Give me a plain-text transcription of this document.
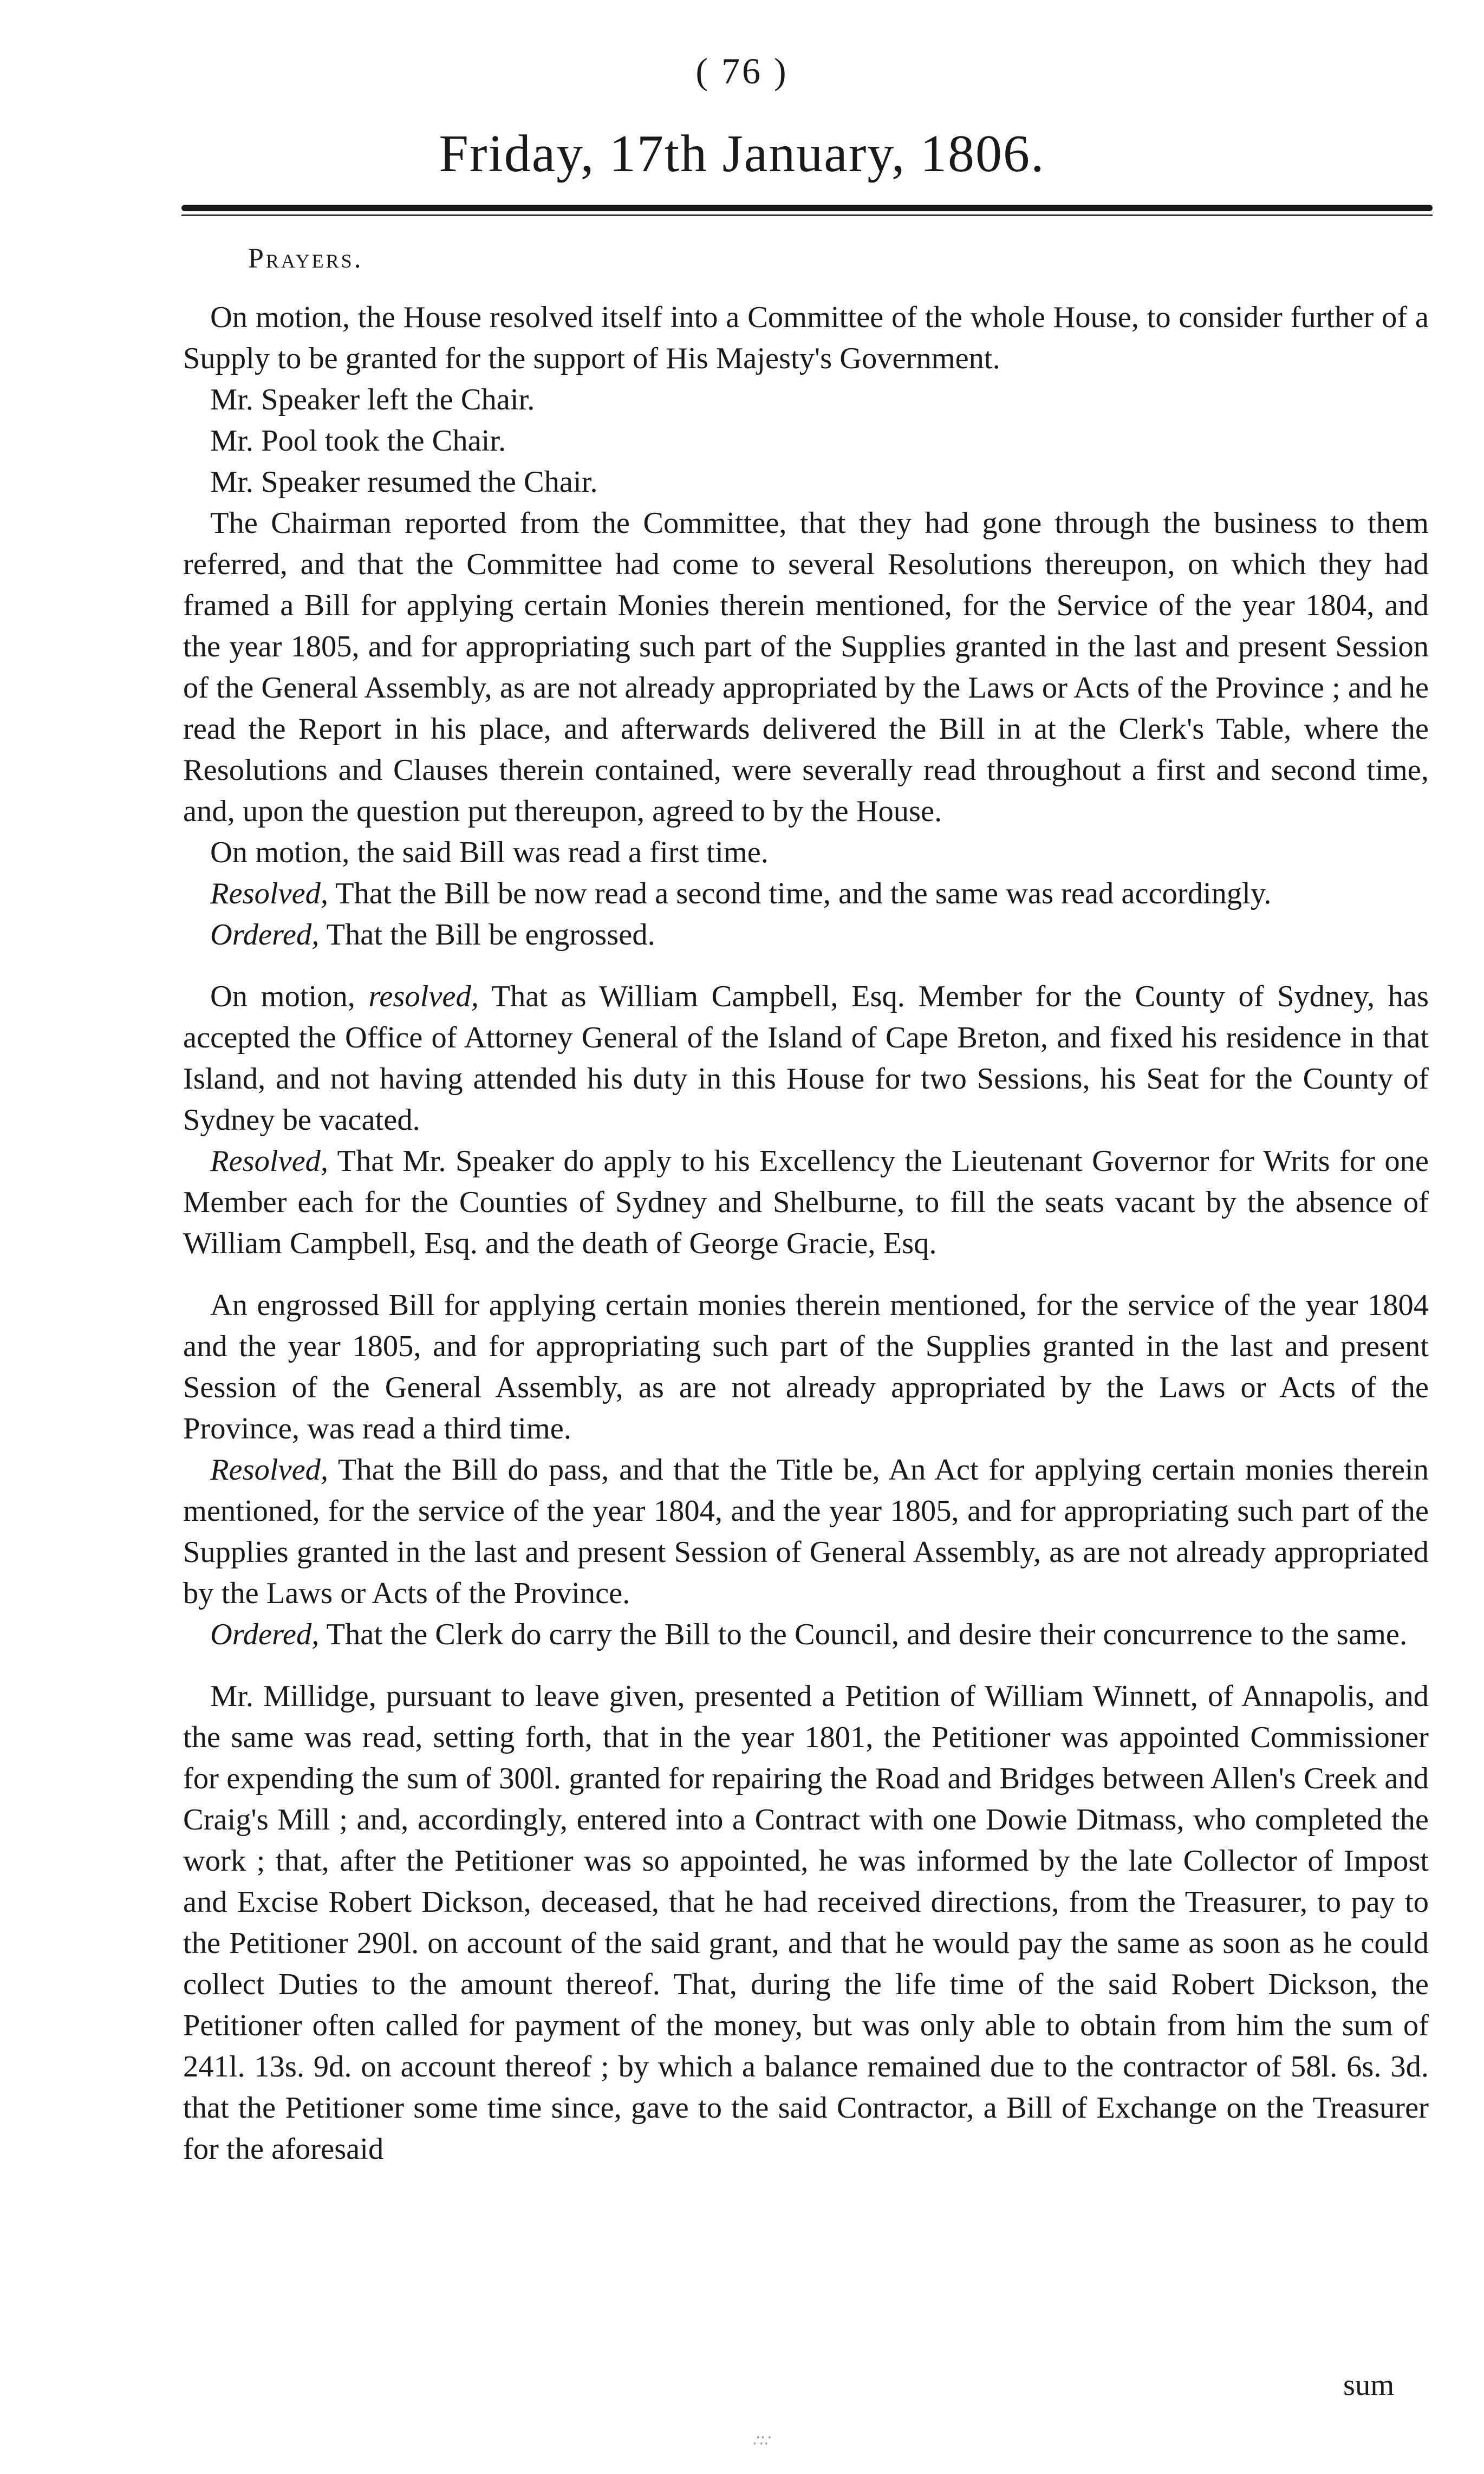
( 76 )
Friday, 17th January, 1806.
Prayers.

On motion, the House resolved itself into a Committee of the whole House, to consider further of a Supply to be granted for the support of His Majesty's Government.

Mr. Speaker left the Chair.

Mr. Pool took the Chair.

Mr. Speaker resumed the Chair.

The Chairman reported from the Committee, that they had gone through the business to them referred, and that the Committee had come to several Resolutions thereupon, on which they had framed a Bill for applying certain Monies therein mentioned, for the Service of the year 1804, and the year 1805, and for appropriating such part of the Supplies granted in the last and present Session of the General Assembly, as are not already appropriated by the Laws or Acts of the Province ; and he read the Report in his place, and afterwards delivered the Bill in at the Clerk's Table, where the Resolutions and Clauses therein contained, were severally read throughout a first and second time, and, upon the question put thereupon, agreed to by the House.

On motion, the said Bill was read a first time.

Resolved, That the Bill be now read a second time, and the same was read accordingly.

Ordered, That the Bill be engrossed.

On motion, resolved, That as William Campbell, Esq. Member for the County of Sydney, has accepted the Office of Attorney General of the Island of Cape Breton, and fixed his residence in that Island, and not having attended his duty in this House for two Sessions, his Seat for the County of Sydney be vacated.

Resolved, That Mr. Speaker do apply to his Excellency the Lieutenant Governor for Writs for one Member each for the Counties of Sydney and Shelburne, to fill the seats vacant by the absence of William Campbell, Esq. and the death of George Gracie, Esq.

An engrossed Bill for applying certain monies therein mentioned, for the service of the year 1804 and the year 1805, and for appropriating such part of the Supplies granted in the last and present Session of the General Assembly, as are not already appropriated by the Laws or Acts of the Province, was read a third time.

Resolved, That the Bill do pass, and that the Title be, An Act for applying certain monies therein mentioned, for the service of the year 1804, and the year 1805, and for appropriating such part of the Supplies granted in the last and present Session of General Assembly, as are not already appropriated by the Laws or Acts of the Province.

Ordered, That the Clerk do carry the Bill to the Council, and desire their concurrence to the same.

Mr. Millidge, pursuant to leave given, presented a Petition of William Winnett, of Annapolis, and the same was read, setting forth, that in the year 1801, the Petitioner was appointed Commissioner for expending the sum of 300l. granted for repairing the Road and Bridges between Allen's Creek and Craig's Mill ; and, accordingly, entered into a Contract with one Dowie Ditmass, who completed the work ; that, after the Petitioner was so appointed, he was informed by the late Collector of Impost and Excise Robert Dickson, deceased, that he had received directions, from the Treasurer, to pay to the Petitioner 290l. on account of the said grant, and that he would pay the same as soon as he could collect Duties to the amount thereof. That, during the life time of the said Robert Dickson, the Petitioner often called for payment of the money, but was only able to obtain from him the sum of 241l. 13s. 9d. on account thereof ; by which a balance remained due to the contractor of 58l. 6s. 3d. that the Petitioner some time since, gave to the said Contractor, a Bill of Exchange on the Treasurer for the aforesaid

sum
∴∵
